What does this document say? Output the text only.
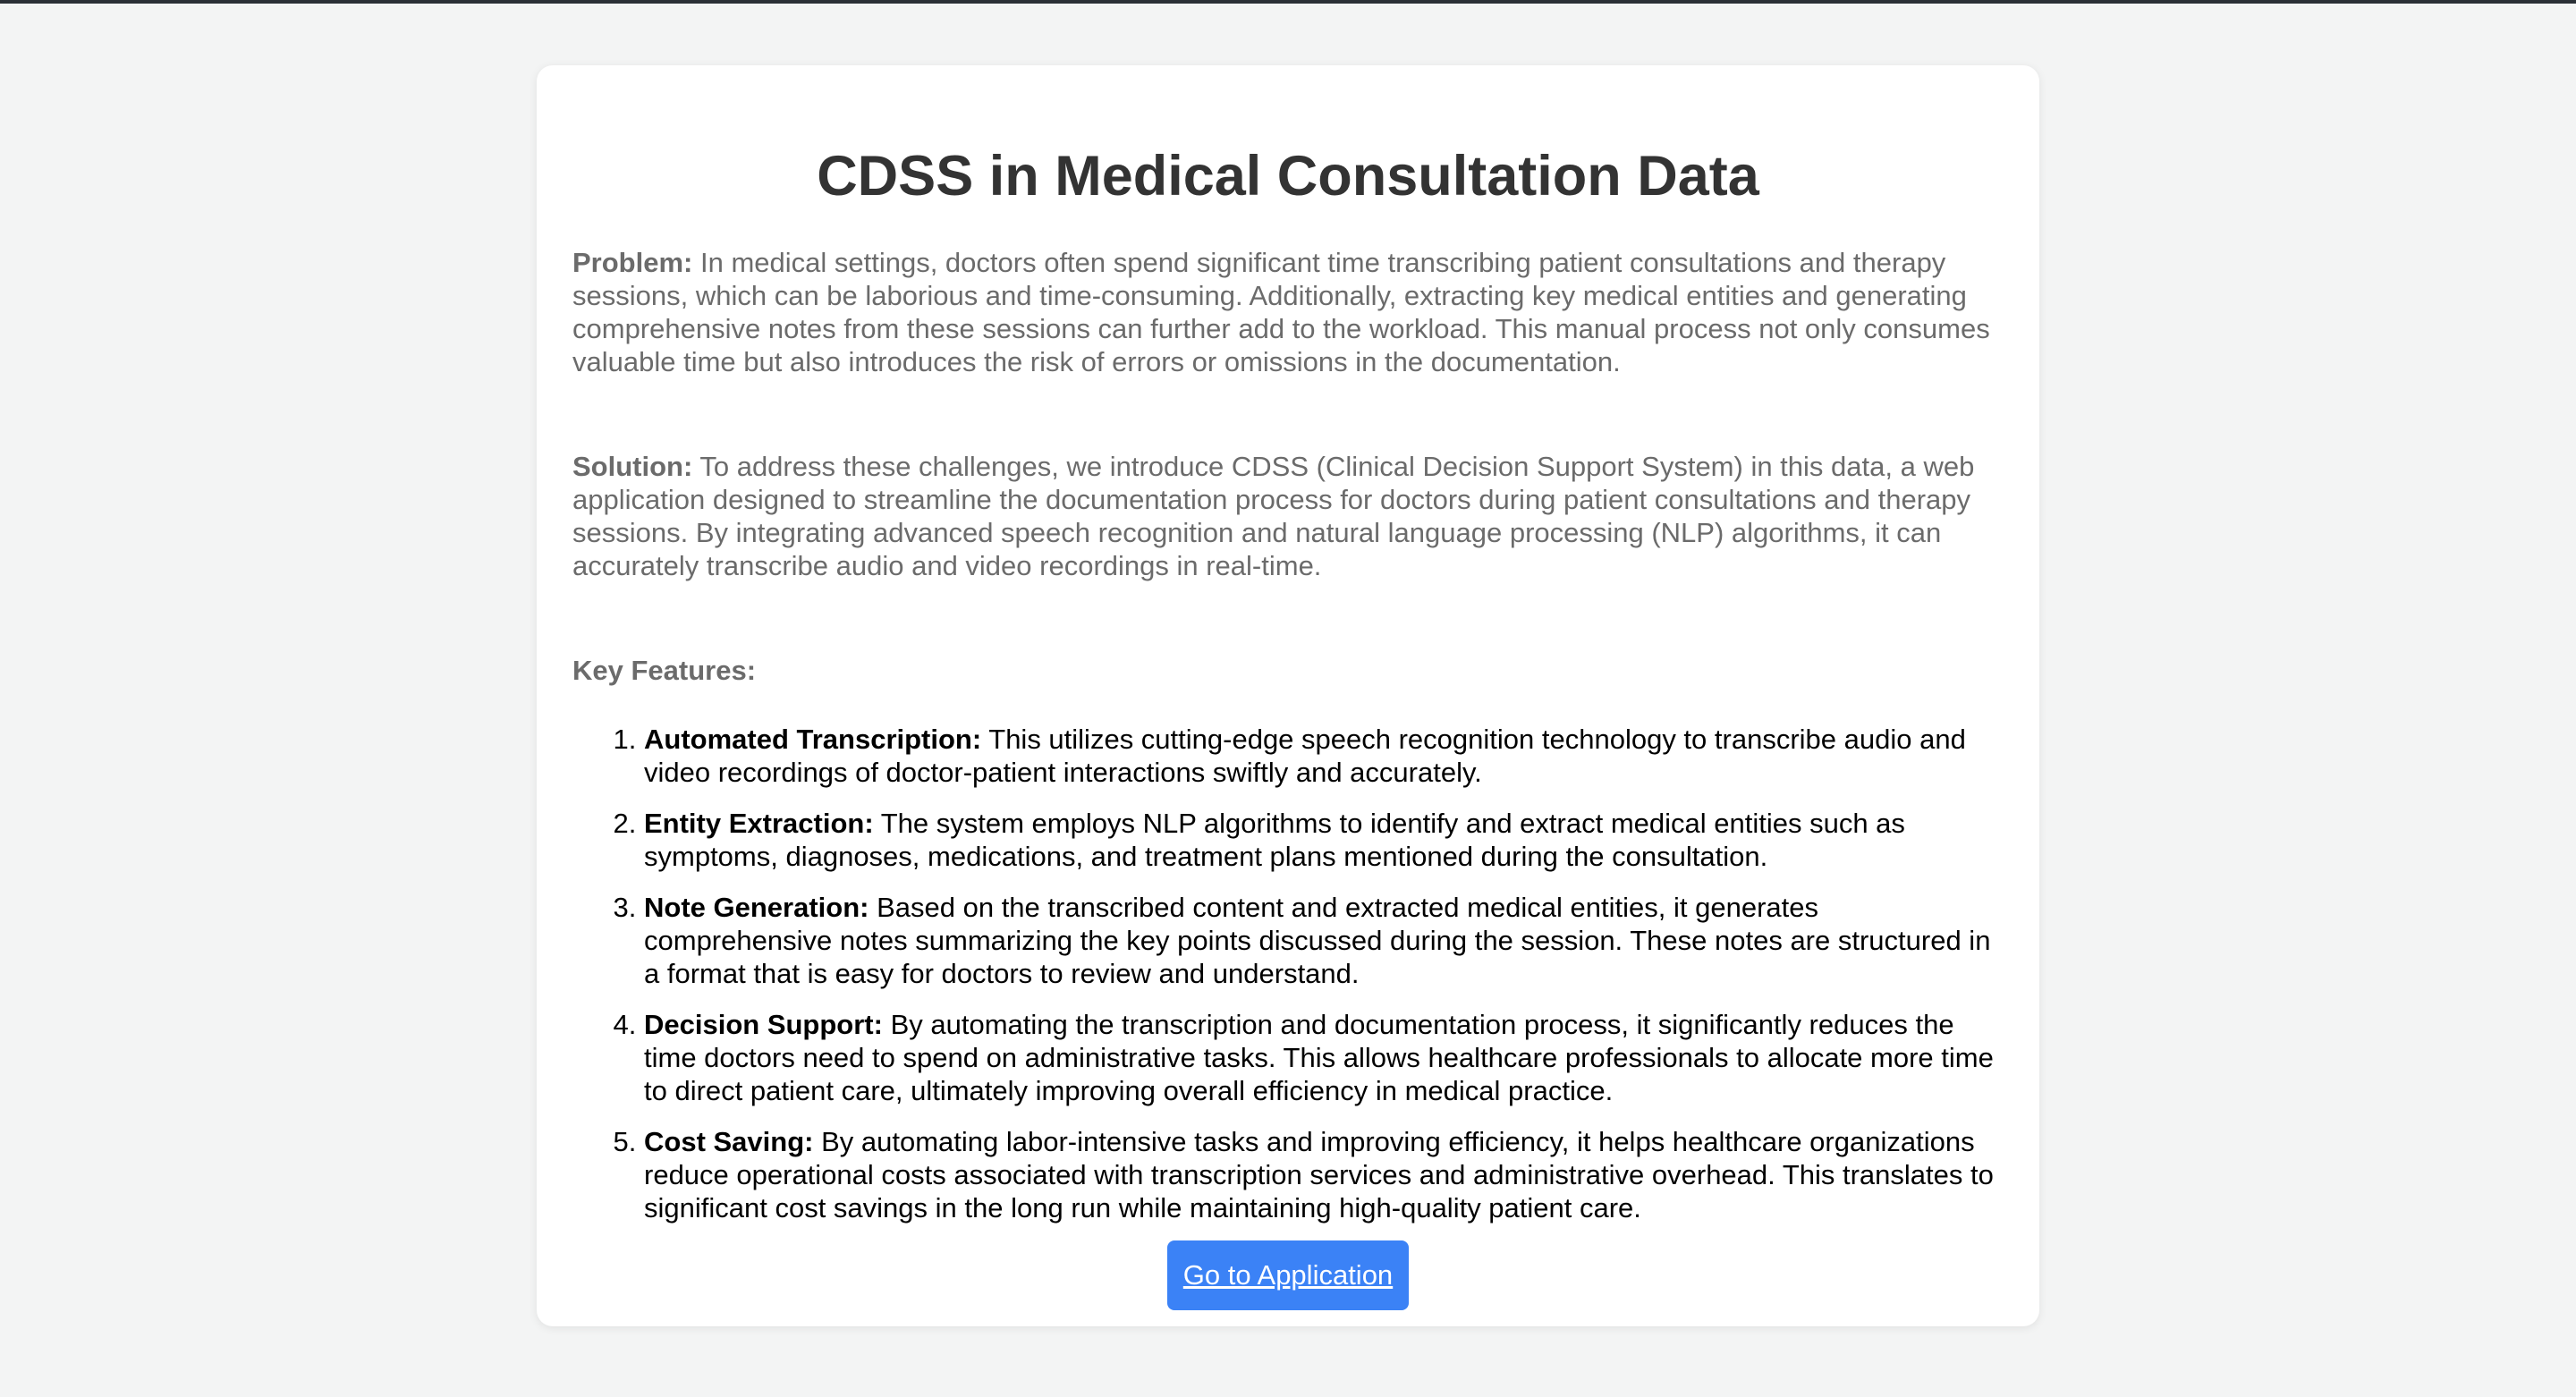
CDSS in Medical Consultation Data

Problem: In medical settings, doctors often spend significant time transcribing patient consultations and therapy sessions, which can be laborious and time-consuming. Additionally, extracting key medical entities and generating comprehensive notes from these sessions can further add to the workload. This manual process not only consumes valuable time but also introduces the risk of errors or omissions in the documentation.

Solution: To address these challenges, we introduce CDSS (Clinical Decision Support System) in this data, a web application designed to streamline the documentation process for doctors during patient consultations and therapy sessions. By integrating advanced speech recognition and natural language processing (NLP) algorithms, it can accurately transcribe audio and video recordings in real-time.

Key Features:
1. Automated Transcription: This utilizes cutting-edge speech recognition technology to transcribe audio and video recordings of doctor-patient interactions swiftly and accurately.
2. Entity Extraction: The system employs NLP algorithms to identify and extract medical entities such as symptoms, diagnoses, medications, and treatment plans mentioned during the consultation.
3. Note Generation: Based on the transcribed content and extracted medical entities, it generates comprehensive notes summarizing the key points discussed during the session. These notes are structured in a format that is easy for doctors to review and understand.
4. Decision Support: By automating the transcription and documentation process, it significantly reduces the time doctors need to spend on administrative tasks. This allows healthcare professionals to allocate more time to direct patient care, ultimately improving overall efficiency in medical practice.
5. Cost Saving: By automating labor-intensive tasks and improving efficiency, it helps healthcare organizations reduce operational costs associated with transcription services and administrative overhead. This translates to significant cost savings in the long run while maintaining high-quality patient care.
Go to Application
